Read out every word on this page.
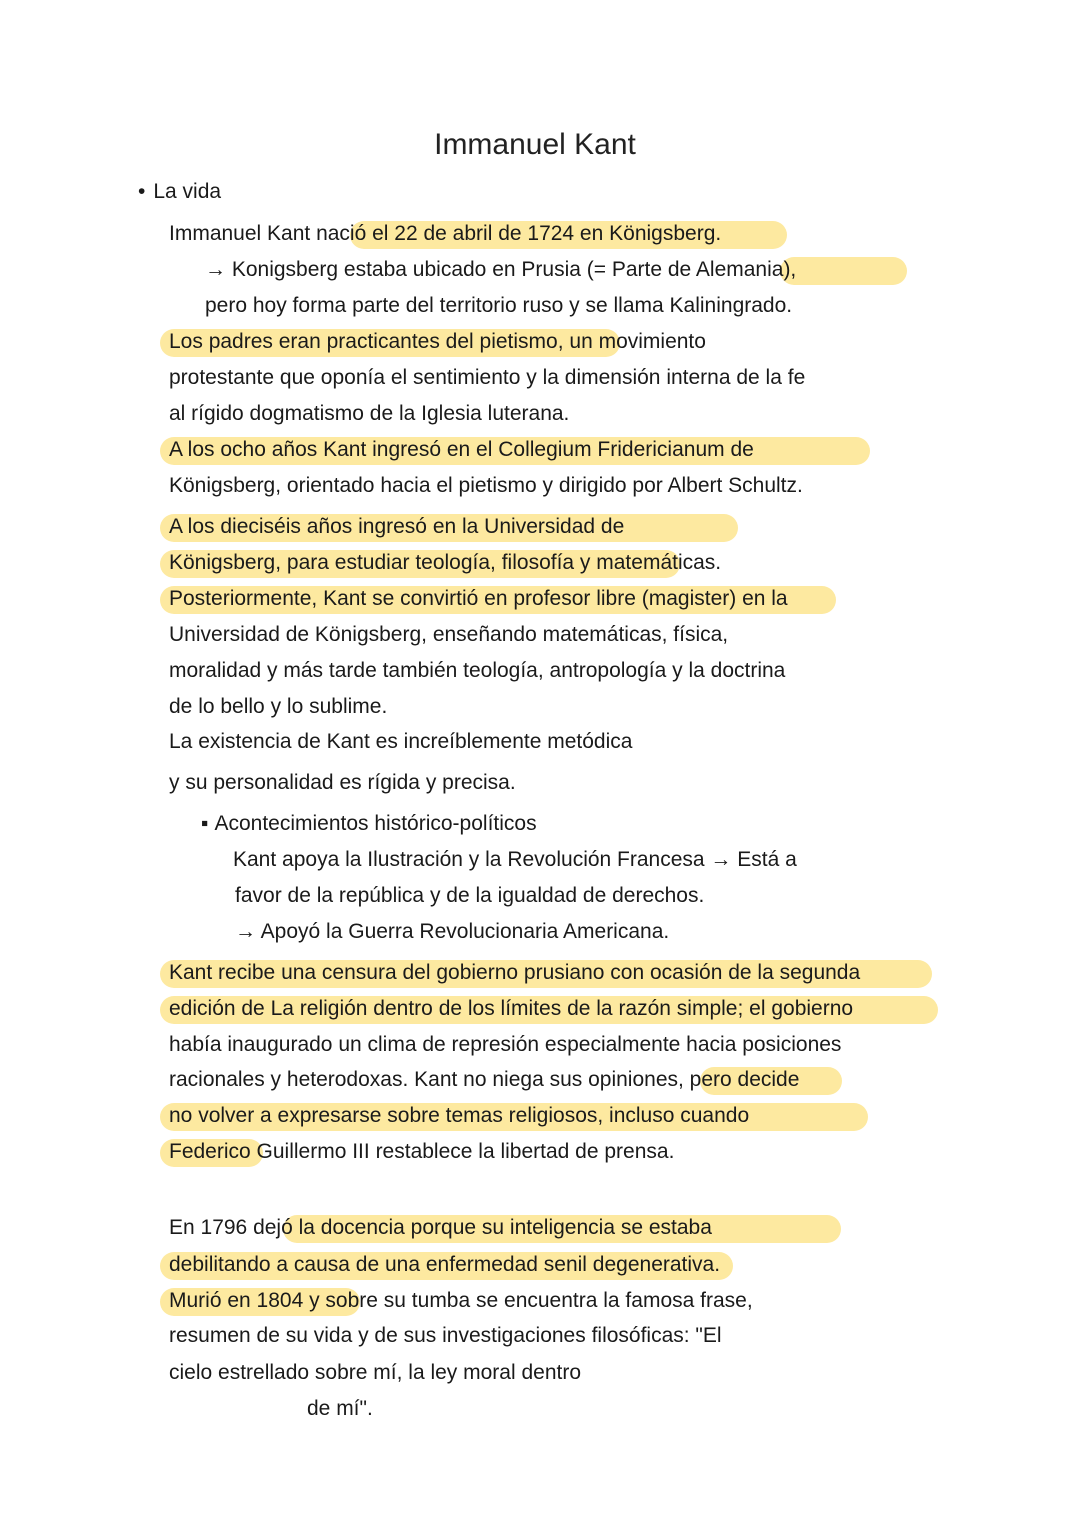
Immanuel Kant
• La vida
Immanuel Kant nació el 22 de abril de 1724 en Königsberg.
→ Konigsberg estaba ubicado en Prusia (= Parte de Alemania),
pero hoy forma parte del territorio ruso y se llama Kaliningrado.
Los padres eran practicantes del pietismo, un movimiento
protestante que oponía el sentimiento y la dimensión interna de la fe
al rígido dogmatismo de la Iglesia luterana.
A los ocho años Kant ingresó en el Collegium Fridericianum de
Königsberg, orientado hacia el pietismo y dirigido por Albert Schultz.
A los dieciséis años ingresó en la Universidad de
Königsberg, para estudiar teología, filosofía y matemáticas.
Posteriormente, Kant se convirtió en profesor libre (magister) en la
Universidad de Königsberg, enseñando matemáticas, física,
moralidad y más tarde también teología, antropología y la doctrina
de lo bello y lo sublime.
La existencia de Kant es increíblemente metódica
y su personalidad es rígida y precisa.
▪ Acontecimientos histórico-políticos
Kant apoya la Ilustración y la Revolución Francesa → Está a
favor de la república y de la igualdad de derechos.
→ Apoyó la Guerra Revolucionaria Americana.
Kant recibe una censura del gobierno prusiano con ocasión de la segunda
edición de La religión dentro de los límites de la razón simple; el gobierno
había inaugurado un clima de represión especialmente hacia posiciones
racionales y heterodoxas. Kant no niega sus opiniones, pero decide
no volver a expresarse sobre temas religiosos, incluso cuando
Federico Guillermo III restablece la libertad de prensa.
En 1796 dejó la docencia porque su inteligencia se estaba
debilitando a causa de una enfermedad senil degenerativa.
Murió en 1804 y sobre su tumba se encuentra la famosa frase,
resumen de su vida y de sus investigaciones filosóficas: "El
cielo estrellado sobre mí, la ley moral dentro
de mí".
